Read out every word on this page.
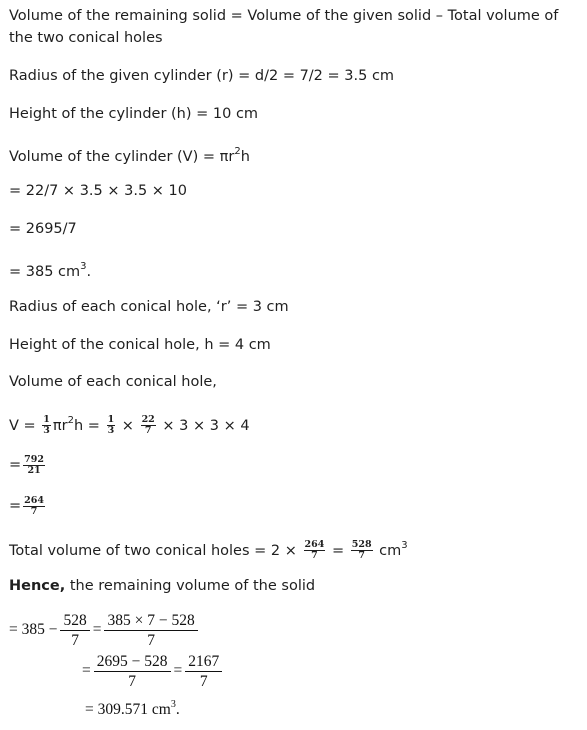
Volume of the remaining solid = Volume of the given solid – Total volume of the two conical holes
Radius of the given cylinder (r) = d/2 = 7/2 = 3.5 cm
Height of the cylinder (h) = 10 cm
Volume of the cylinder $(V) = \pi r^2h$
= 22/7 × 3.5 × 3.5 × 10
= 2695/7
= 385 $cm^3$.
Radius of each conical hole, ‘r’ = 3 cm
Height of the conical hole, h = 4 cm
Volume of each conical hole,
$V = \frac{1}{3} \pi r^2h = \frac{1}{3} \times \frac{22}{7} \times 3 \times 3 \times 4$
= $\frac{792}{21}$
= $\frac{264}{7}$
Total volume of two conical holes = $2 \times \frac{264}{7} = \frac{528}{7} cm^3$
Hence, the remaining volume of the solid
= $385 - \frac{528}{7} = \frac{385 \times 7 - 528}{7}$
= $\frac{2695 - 528}{7} = \frac{2167}{7}$
= 309.571 $cm^3$.
